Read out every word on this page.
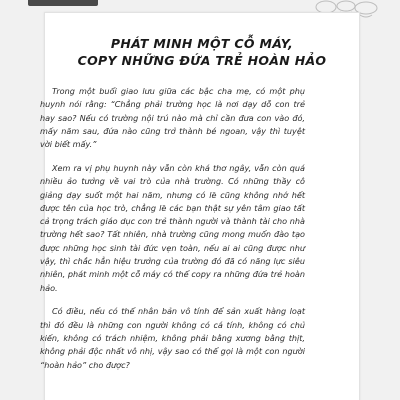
PHÁT MINH MỘT CỖ MÁY,
COPY NHỮNG ĐỨA TRẺ HOÀN HẢO

Trong một buổi giao lưu giữa các bậc cha mẹ, có một phụ huynh nói rằng: “Chẳng phải trường học là nơi dạy dỗ con trẻ hay sao? Nếu có trường nội trú nào mà chỉ cần đưa con vào đó, mấy năm sau, đứa nào cũng trở thành bé ngoan, vậy thì tuyệt vời biết mấy.”

Xem ra vị phụ huynh này vẫn còn khá thơ ngây, vẫn còn quá nhiều ảo tưởng về vai trò của nhà trường. Có những thầy cô giảng dạy suốt một hai năm, nhưng có lẽ cũng không nhớ hết được tên của học trò, chẳng lẽ các bạn thật sự yên tâm giao tất cả trọng trách giáo dục con trẻ thành người và thành tài cho nhà trường hết sao? Tất nhiên, nhà trường cũng mong muốn đào tạo được những học sinh tài đức vẹn toàn, nếu ai ai cũng được như vậy, thì chắc hẳn hiệu trưởng của trường đó đã có năng lực siêu nhiên, phát minh một cỗ máy có thể copy ra những đứa trẻ hoàn hảo.

Có điều, nếu có thể nhân bản vô tính để sản xuất hàng loạt thì đó đều là những con người không có cá tính, không có chủ kiến, không có trách nhiệm, không phải bằng xương bằng thịt, không phải độc nhất vô nhị, vậy sao có thể gọi là một con người “hoàn hảo” cho được?
